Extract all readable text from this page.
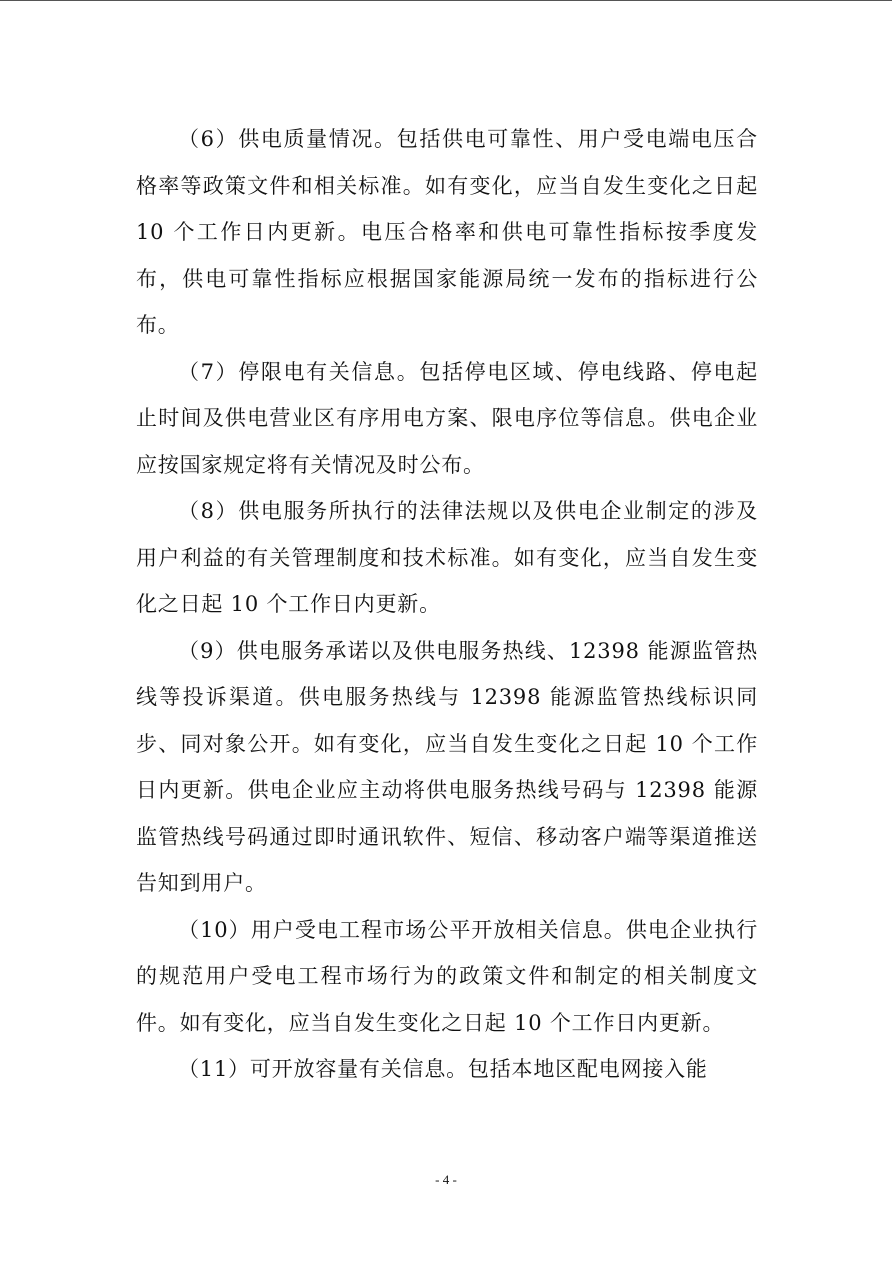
（6）供电质量情况。包括供电可靠性、用户受电端电压合格率等政策文件和相关标准。如有变化，应当自发生变化之日起 10 个工作日内更新。电压合格率和供电可靠性指标按季度发布，供电可靠性指标应根据国家能源局统一发布的指标进行公布。

（7）停限电有关信息。包括停电区域、停电线路、停电起止时间及供电营业区有序用电方案、限电序位等信息。供电企业应按国家规定将有关情况及时公布。

（8）供电服务所执行的法律法规以及供电企业制定的涉及用户利益的有关管理制度和技术标准。如有变化，应当自发生变化之日起 10 个工作日内更新。

（9）供电服务承诺以及供电服务热线、12398 能源监管热线等投诉渠道。供电服务热线与 12398 能源监管热线标识同步、同对象公开。如有变化，应当自发生变化之日起 10 个工作日内更新。供电企业应主动将供电服务热线号码与 12398 能源监管热线号码通过即时通讯软件、短信、移动客户端等渠道推送告知到用户。

（10）用户受电工程市场公平开放相关信息。供电企业执行的规范用户受电工程市场行为的政策文件和制定的相关制度文件。如有变化，应当自发生变化之日起 10 个工作日内更新。

（11）可开放容量有关信息。包括本地区配电网接入能

- 4 -
